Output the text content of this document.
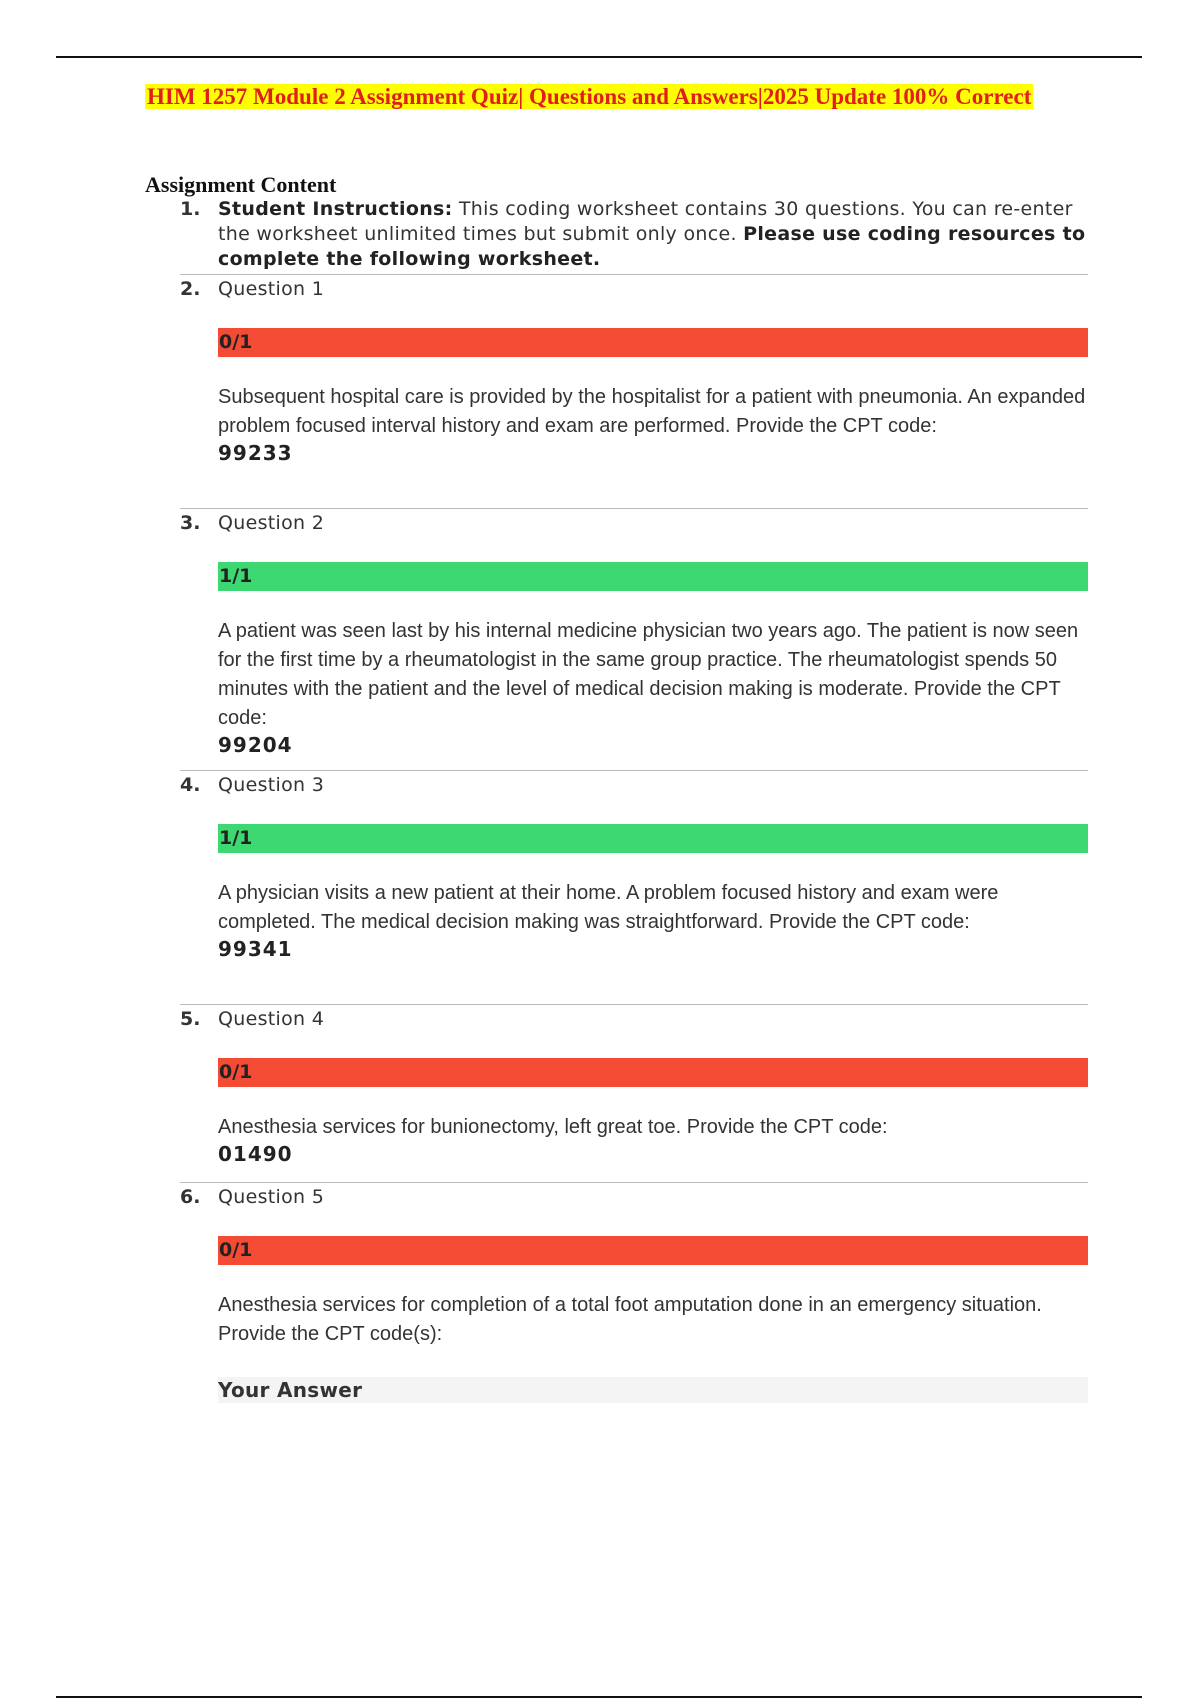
HIM 1257 Module 2 Assignment Quiz| Questions and Answers|2025 Update 100% Correct
Assignment Content
1. Student Instructions: This coding worksheet contains 30 questions. You can re-enter the worksheet unlimited times but submit only once. Please use coding resources to complete the following worksheet.
2. Question 1
0/1
Subsequent hospital care is provided by the hospitalist for a patient with pneumonia. An expanded problem focused interval history and exam are performed. Provide the CPT code:
99233
3. Question 2
1/1
A patient was seen last by his internal medicine physician two years ago. The patient is now seen for the first time by a rheumatologist in the same group practice. The rheumatologist spends 50 minutes with the patient and the level of medical decision making is moderate. Provide the CPT code:
99204
4. Question 3
1/1
A physician visits a new patient at their home. A problem focused history and exam were completed. The medical decision making was straightforward. Provide the CPT code:
99341
5. Question 4
0/1
Anesthesia services for bunionectomy, left great toe. Provide the CPT code:
01490
6. Question 5
0/1
Anesthesia services for completion of a total foot amputation done in an emergency situation. Provide the CPT code(s):
Your Answer
